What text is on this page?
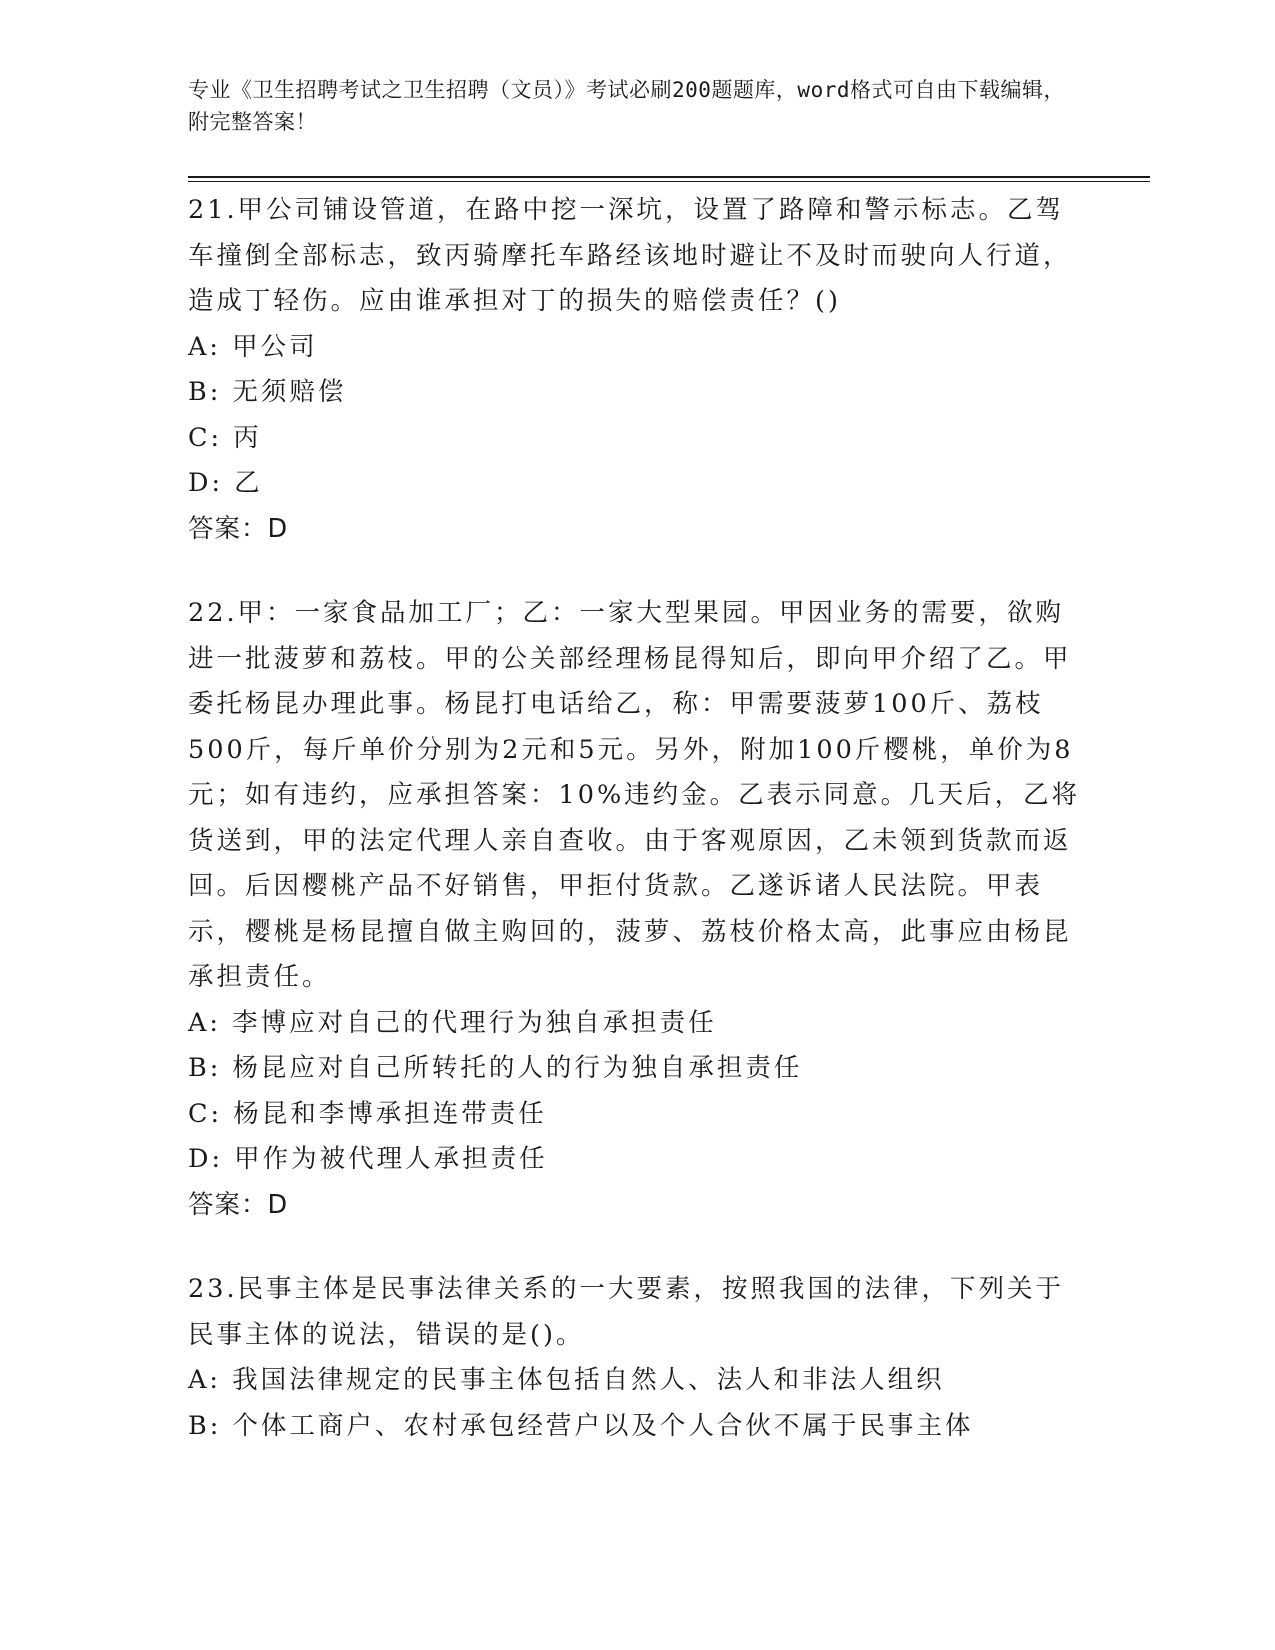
专业《卫生招聘考试之卫生招聘（文员）》考试必刷200题题库，word格式可自由下载编辑，附完整答案！

21.甲公司铺设管道，在路中挖一深坑，设置了路障和警示标志。乙驾车撞倒全部标志，致丙骑摩托车路经该地时避让不及时而驶向人行道，造成丁轻伤。应由谁承担对丁的损失的赔偿责任？()

A: 甲公司

B: 无须赔偿

C: 丙

D: 乙

答案：D

22.甲：一家食品加工厂；乙：一家大型果园。甲因业务的需要，欲购进一批菠萝和荔枝。甲的公关部经理杨昆得知后，即向甲介绍了乙。甲委托杨昆办理此事。杨昆打电话给乙，称：甲需要菠萝100斤、荔枝500斤，每斤单价分别为2元和5元。另外，附加100斤樱桃，单价为8元；如有违约，应承担答案：10%违约金。乙表示同意。几天后，乙将货送到，甲的法定代理人亲自查收。由于客观原因，乙未领到货款而返回。后因樱桃产品不好销售，甲拒付货款。乙遂诉诸人民法院。甲表示，樱桃是杨昆擅自做主购回的，菠萝、荔枝价格太高，此事应由杨昆承担责任。

A: 李博应对自己的代理行为独自承担责任

B: 杨昆应对自己所转托的人的行为独自承担责任

C: 杨昆和李博承担连带责任

D: 甲作为被代理人承担责任

答案：D

23.民事主体是民事法律关系的一大要素，按照我国的法律，下列关于民事主体的说法，错误的是()。

A: 我国法律规定的民事主体包括自然人、法人和非法人组织

B: 个体工商户、农村承包经营户以及个人合伙不属于民事主体
